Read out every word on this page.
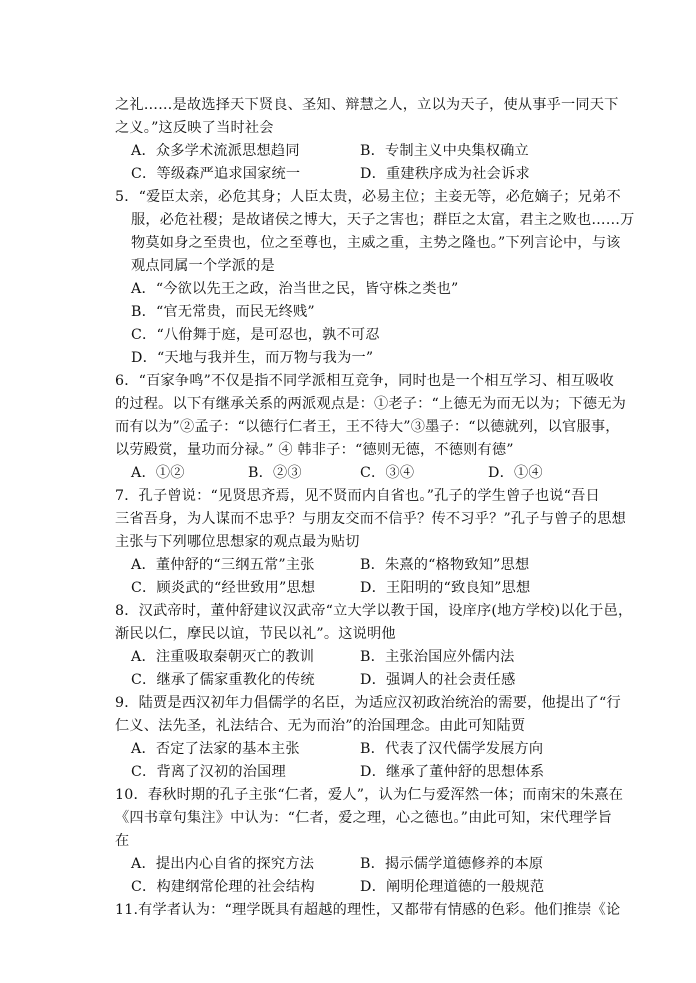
之礼……是故选择天下贤良、圣知、辩慧之人，立以为天子，使从事乎一同天下
之义。”这反映了当时社会
A．众多学术流派思想趋同	B．专制主义中央集权确立
C．等级森严追求国家统一	D．重建秩序成为社会诉求
5．“爱臣太亲，必危其身；人臣太贵，必易主位；主妾无等，必危嫡子；兄弟不
服，必危社稷；是故诸侯之博大，天子之害也；群臣之太富，君主之败也……万
物莫如身之至贵也，位之至尊也，主威之重，主势之隆也。”下列言论中，与该
观点同属一个学派的是
A．“今欲以先王之政，治当世之民，皆守株之类也”
B．“官无常贵，而民无终贱”
C．“八佾舞于庭，是可忍也，孰不可忍
D．“天地与我并生，而万物与我为一”
6．“百家争鸣”不仅是指不同学派相互竞争，同时也是一个相互学习、相互吸收
的过程。以下有继承关系的两派观点是：①老子：“上德无为而无以为；下德无为
而有以为”②孟子：“以德行仁者王，王不待大”③墨子：“以德就列，以官服事，
以劳殿赏，量功而分禄。” ④ 韩非子：“德则无德，不德则有德”
A．①②	B．②③	C．③④	D．①④
7．孔子曾说：“见贤思齐焉，见不贤而内自省也。”孔子的学生曾子也说“吾日
三省吾身，为人谋而不忠乎？与朋友交而不信乎？传不习乎？”孔子与曾子的思想
主张与下列哪位思想家的观点最为贴切
A．董仲舒的“三纲五常”主张	B．朱熹的“格物致知”思想
C．顾炎武的“经世致用”思想	D．王阳明的“致良知”思想
8．汉武帝时，董仲舒建议汉武帝“立大学以教于国，设庠序(地方学校)以化于邑，
渐民以仁，摩民以谊，节民以礼”。这说明他
A．注重吸取秦朝灭亡的教训	B．主张治国应外儒内法
C．继承了儒家重教化的传统	D．强调人的社会责任感
9．陆贾是西汉初年力倡儒学的名臣，为适应汉初政治统治的需要，他提出了“行
仁义、法先圣，礼法结合、无为而治”的治国理念。由此可知陆贾
A．否定了法家的基本主张	B．代表了汉代儒学发展方向
C．背离了汉初的治国理	D．继承了董仲舒的思想体系
10．春秋时期的孔子主张“仁者，爱人”，认为仁与爱浑然一体；而南宋的朱熹在
《四书章句集注》中认为：“仁者，爱之理，心之德也。”由此可知，宋代理学旨
在
A．提出内心自省的探究方法	B．揭示儒学道德修养的本原
C．构建纲常伦理的社会结构	D．阐明伦理道德的一般规范
11.有学者认为：“理学既具有超越的理性，又都带有情感的色彩。他们推崇《论
